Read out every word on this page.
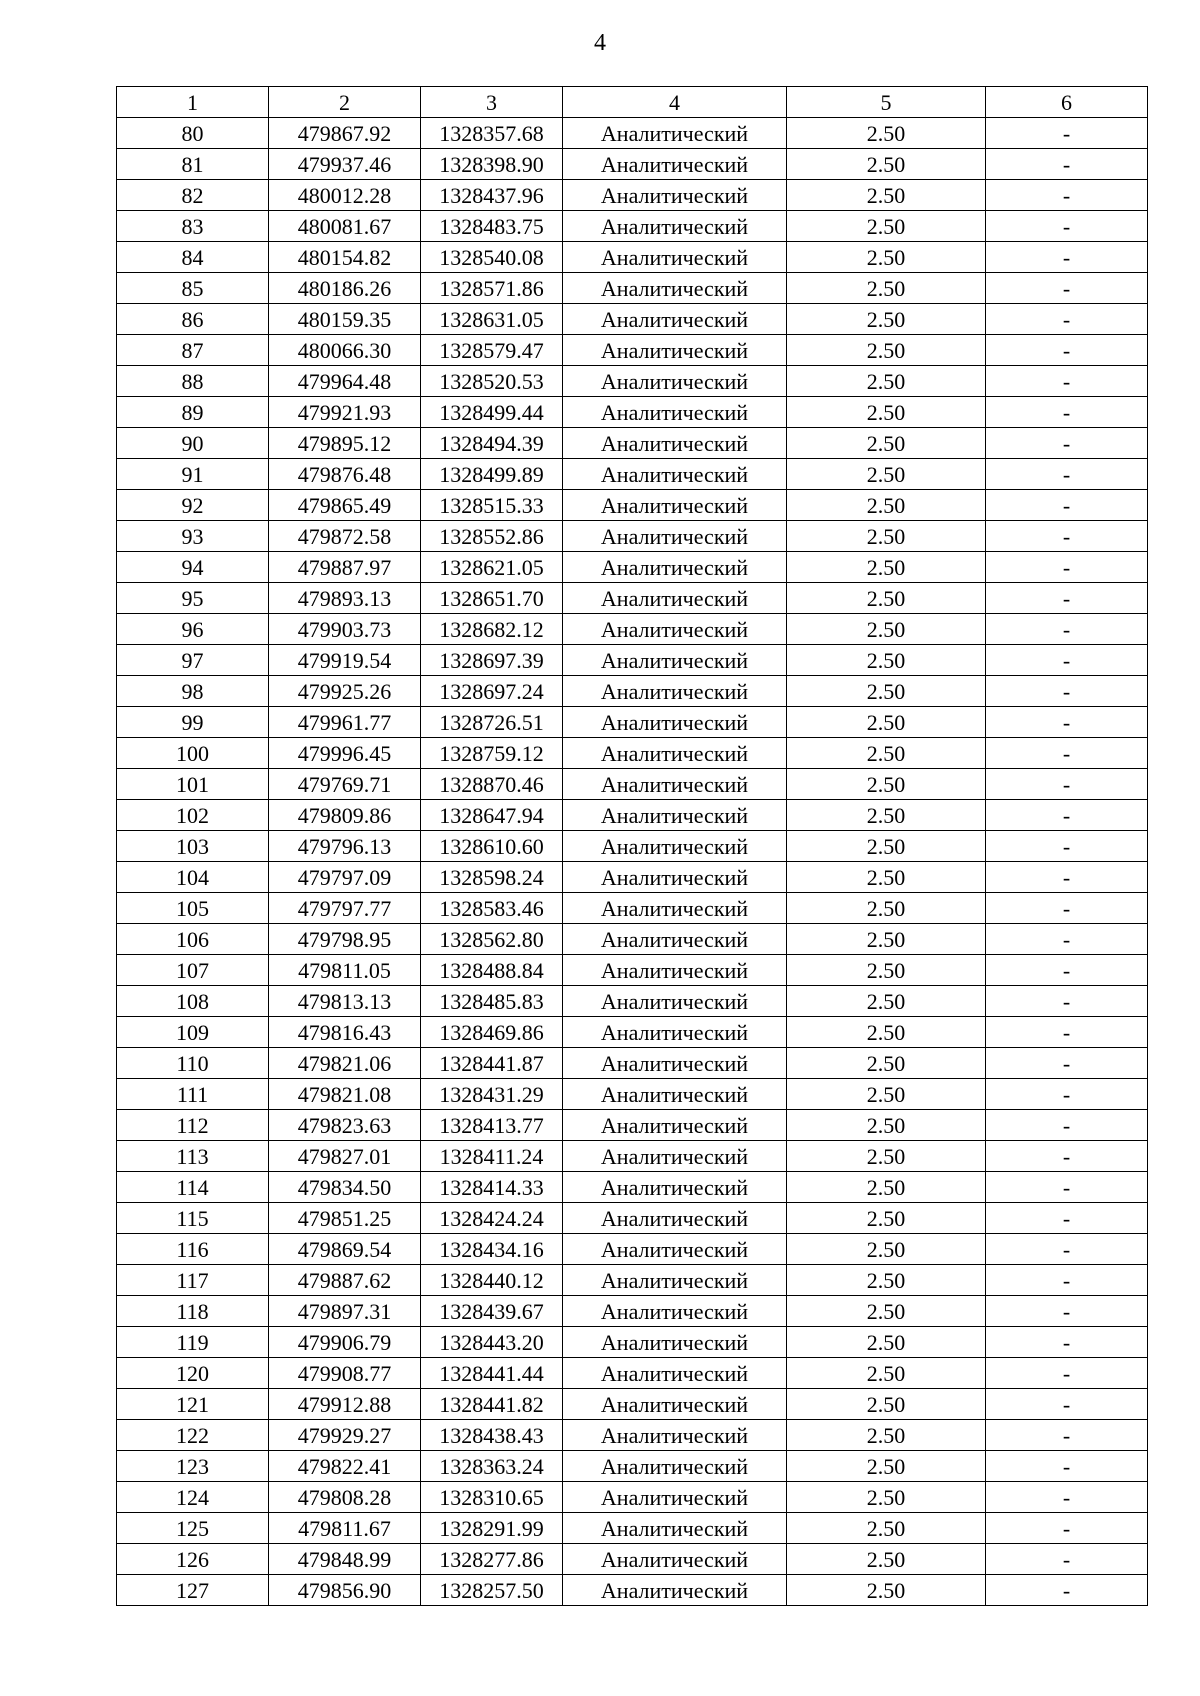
4
1	2	3	4	5	6
80	479867.92	1328357.68	Аналитический	2.50	-
81	479937.46	1328398.90	Аналитический	2.50	-
82	480012.28	1328437.96	Аналитический	2.50	-
83	480081.67	1328483.75	Аналитический	2.50	-
84	480154.82	1328540.08	Аналитический	2.50	-
85	480186.26	1328571.86	Аналитический	2.50	-
86	480159.35	1328631.05	Аналитический	2.50	-
87	480066.30	1328579.47	Аналитический	2.50	-
88	479964.48	1328520.53	Аналитический	2.50	-
89	479921.93	1328499.44	Аналитический	2.50	-
90	479895.12	1328494.39	Аналитический	2.50	-
91	479876.48	1328499.89	Аналитический	2.50	-
92	479865.49	1328515.33	Аналитический	2.50	-
93	479872.58	1328552.86	Аналитический	2.50	-
94	479887.97	1328621.05	Аналитический	2.50	-
95	479893.13	1328651.70	Аналитический	2.50	-
96	479903.73	1328682.12	Аналитический	2.50	-
97	479919.54	1328697.39	Аналитический	2.50	-
98	479925.26	1328697.24	Аналитический	2.50	-
99	479961.77	1328726.51	Аналитический	2.50	-
100	479996.45	1328759.12	Аналитический	2.50	-
101	479769.71	1328870.46	Аналитический	2.50	-
102	479809.86	1328647.94	Аналитический	2.50	-
103	479796.13	1328610.60	Аналитический	2.50	-
104	479797.09	1328598.24	Аналитический	2.50	-
105	479797.77	1328583.46	Аналитический	2.50	-
106	479798.95	1328562.80	Аналитический	2.50	-
107	479811.05	1328488.84	Аналитический	2.50	-
108	479813.13	1328485.83	Аналитический	2.50	-
109	479816.43	1328469.86	Аналитический	2.50	-
110	479821.06	1328441.87	Аналитический	2.50	-
111	479821.08	1328431.29	Аналитический	2.50	-
112	479823.63	1328413.77	Аналитический	2.50	-
113	479827.01	1328411.24	Аналитический	2.50	-
114	479834.50	1328414.33	Аналитический	2.50	-
115	479851.25	1328424.24	Аналитический	2.50	-
116	479869.54	1328434.16	Аналитический	2.50	-
117	479887.62	1328440.12	Аналитический	2.50	-
118	479897.31	1328439.67	Аналитический	2.50	-
119	479906.79	1328443.20	Аналитический	2.50	-
120	479908.77	1328441.44	Аналитический	2.50	-
121	479912.88	1328441.82	Аналитический	2.50	-
122	479929.27	1328438.43	Аналитический	2.50	-
123	479822.41	1328363.24	Аналитический	2.50	-
124	479808.28	1328310.65	Аналитический	2.50	-
125	479811.67	1328291.99	Аналитический	2.50	-
126	479848.99	1328277.86	Аналитический	2.50	-
127	479856.90	1328257.50	Аналитический	2.50	-
